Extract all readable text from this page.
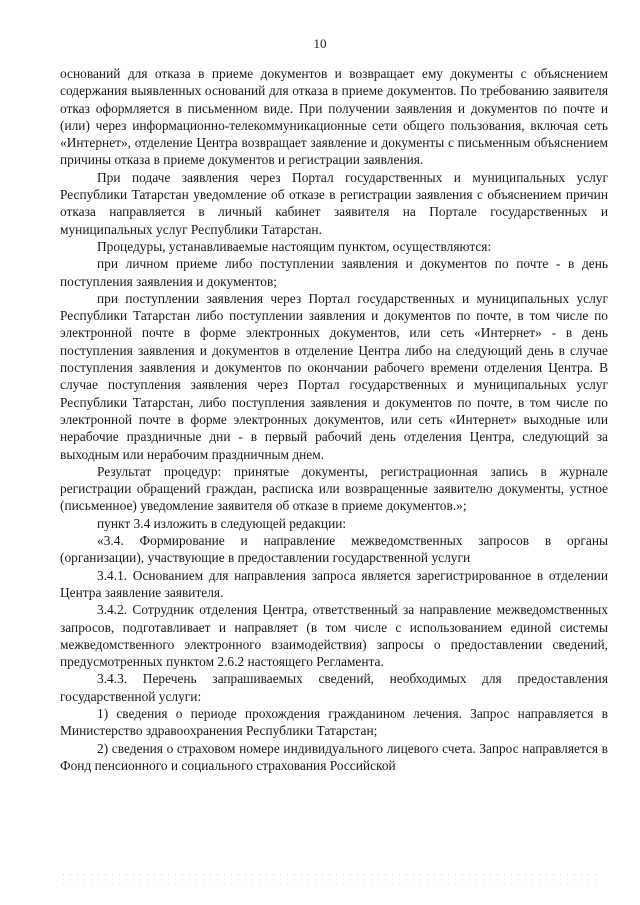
10

оснований для отказа в приеме документов и возвращает ему документы с объяснением содержания выявленных оснований для отказа в приеме документов. По требованию заявителя отказ оформляется в письменном виде. При получении заявления и документов по почте и (или) через информационно-телекоммуникационные сети общего пользования, включая сеть «Интернет», отделение Центра возвращает заявление и документы с письменным объяснением причины отказа в приеме документов и регистрации заявления.

При подаче заявления через Портал государственных и муниципальных услуг Республики Татарстан уведомление об отказе в регистрации заявления с объяснением причин отказа направляется в личный кабинет заявителя на Портале государственных и муниципальных услуг Республики Татарстан.

Процедуры, устанавливаемые настоящим пунктом, осуществляются:

при личном приеме либо поступлении заявления и документов по почте - в день поступления заявления и документов;

при поступлении заявления через Портал государственных и муниципальных услуг Республики Татарстан либо поступлении заявления и документов по почте, в том числе по электронной почте в форме электронных документов, или сеть «Интернет» - в день поступления заявления и документов в отделение Центра либо на следующий день в случае поступления заявления и документов по окончании рабочего времени отделения Центра. В случае поступления заявления через Портал государственных и муниципальных услуг Республики Татарстан, либо поступления заявления и документов по почте, в том числе по электронной почте в форме электронных документов, или сеть «Интернет» выходные или нерабочие праздничные дни - в первый рабочий день отделения Центра, следующий за выходным или нерабочим праздничным днем.

Результат процедур: принятые документы, регистрационная запись в журнале регистрации обращений граждан, расписка или возвращенные заявителю документы, устное (письменное) уведомление заявителя об отказе в приеме документов.»;

пункт 3.4 изложить в следующей редакции:

«3.4. Формирование и направление межведомственных запросов в органы (организации), участвующие в предоставлении государственной услуги

3.4.1. Основанием для направления запроса является зарегистрированное в отделении Центра заявление заявителя.

3.4.2. Сотрудник отделения Центра, ответственный за направление межведомственных запросов, подготавливает и направляет (в том числе с использованием единой системы межведомственного электронного взаимодействия) запросы о предоставлении сведений, предусмотренных пунктом 2.6.2 настоящего Регламента.

3.4.3. Перечень запрашиваемых сведений, необходимых для предоставления государственной услуги:

1) сведения о периоде прохождения гражданином лечения. Запрос направляется в Министерство здравоохранения Республики Татарстан;

2) сведения о страховом номере индивидуального лицевого счета. Запрос направляется в Фонд пенсионного и социального страхования Российской
